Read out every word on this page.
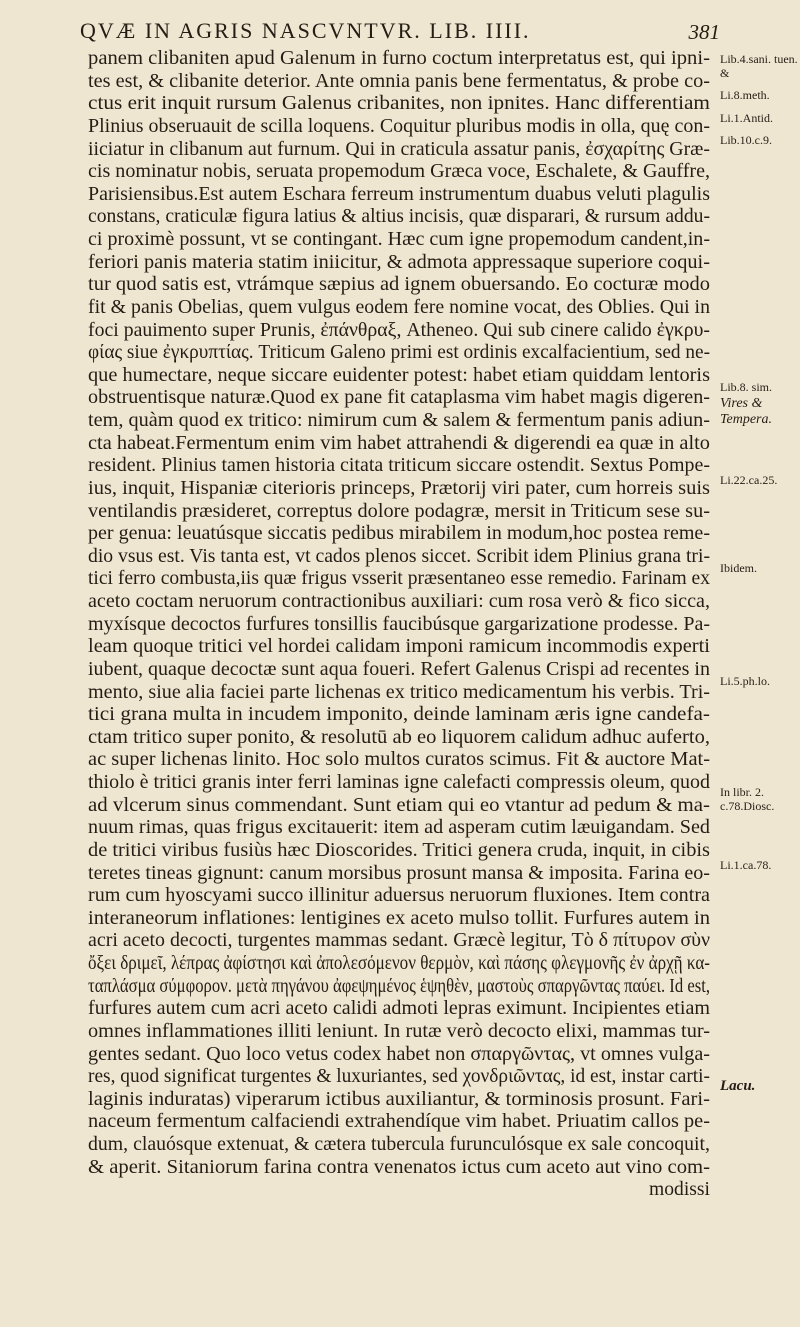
QVÆ IN AGRIS NASCVNTVR. LIB. IIII.	381
panem clibaniten apud Galenum in furno coctum interpretatus est, qui ipni-
tes est, & clibanite deterior. Ante omnia panis bene fermentatus, & probe co-
ctus erit inquit rursum Galenus cribanites, non ipnites. Hanc differentiam
Plinius obseruauit de scilla loquens. Coquitur pluribus modis in olla, quę con-
iiciatur in clibanum aut furnum. Qui in craticula assatur panis, ἐσχαρίτης Græ-
cis nominatur nobis, seruata propemodum Græca voce, Eschalete, & Gauffre,
Parisiensibus.Est autem Eschara ferreum instrumentum duabus veluti plagulis
constans, craticulæ figura latius & altius incisis, quæ disparari, & rursum addu-
ci proximè possunt, vt se contingant. Hæc cum igne propemodum candent,in-
feriori panis materia statim iniicitur, & admota appressaque superiore coqui-
tur quod satis est, vtrámque sæpius ad ignem obuersando. Eo cocturæ modo
fit & panis Obelias, quem vulgus eodem fere nomine vocat, des Oblies. Qui in
foci pauimento super Prunis, ἐπάνθραξ, Atheneo. Qui sub cinere calido ἐγκρυ-
φίας siue ἐγκρυπτίας. Triticum Galeno primi est ordinis excalfacientium, sed ne-
que humectare, neque siccare euidenter potest: habet etiam quiddam lentoris
obstruentisque naturæ.Quod ex pane fit cataplasma vim habet magis digeren-
tem, quàm quod ex tritico: nimirum cum & salem & fermentum panis adiun-
cta habeat.Fermentum enim vim habet attrahendi & digerendi ea quæ in alto
resident. Plinius tamen historia citata triticum siccare ostendit. Sextus Pompe-
ius, inquit, Hispaniæ citerioris princeps, Prætorij viri pater, cum horreis suis
ventilandis præsideret, correptus dolore podagræ, mersit in Triticum sese su-
per genua: leuatúsque siccatis pedibus mirabilem in modum,hoc postea reme-
dio vsus est. Vis tanta est, vt cados plenos siccet. Scribit idem Plinius grana tri-
tici ferro combusta,iis quæ frigus vsserit præsentaneo esse remedio. Farinam ex
aceto coctam neruorum contractionibus auxiliari: cum rosa verò & fico sicca,
myxísque decoctos furfures tonsillis faucibúsque gargarizatione prodesse. Pa-
leam quoque tritici vel hordei calidam imponi ramicum incommodis experti
iubent, quaque decoctæ sunt aqua foueri. Refert Galenus Crispi ad recentes in
mento, siue alia faciei parte lichenas ex tritico medicamentum his verbis. Tri-
tici grana multa in incudem imponito, deinde laminam æris igne candefa-
ctam tritico super ponito, & resolutū ab eo liquorem calidum adhuc auferto,
ac super lichenas linito. Hoc solo multos curatos scimus. Fit & auctore Mat-
thiolo è tritici granis inter ferri laminas igne calefacti compressis oleum, quod
ad vlcerum sinus commendant. Sunt etiam qui eo vtantur ad pedum & ma-
nuum rimas, quas frigus excitauerit: item ad asperam cutim læuigandam. Sed
de tritici viribus fusiùs hæc Dioscorides. Tritici genera cruda, inquit, in cibis
teretes tineas gignunt: canum morsibus prosunt mansa & imposita. Farina eo-
rum cum hyoscyami succo illinitur aduersus neruorum fluxiones. Item contra
interaneorum inflationes: lentigines ex aceto mulso tollit. Furfures autem in
acri aceto decocti, turgentes mammas sedant. Græcè legitur, Τὸ δ πίτυρον σὺν
ὄξει δριμεῖ, λέπρας ἀφίστησι καὶ ἀπολεσόμενον θερμὸν, καὶ πάσης φλεγμονῆς ἐν ἀρχῇ κα-
ταπλάσμα σύμφορον. μετὰ πηγάνου ἀφεψημένος ἑψηθὲν, μαστοὺς σπαργῶντας παύει. Id est,
furfures autem cum acri aceto calidi admoti lepras eximunt. Incipientes etiam
omnes inflammationes illiti leniunt. In rutæ verò decocto elixi, mammas tur-
gentes sedant. Quo loco vetus codex habet non σπαργῶντας, vt omnes vulga-
res, quod significat turgentes & luxuriantes, sed χονδριῶντας, id est, instar carti-
laginis induratas) viperarum ictibus auxiliantur, & torminosis prosunt. Fari-
naceum fermentum calfaciendi extrahendíque vim habet. Priuatim callos pe-
dum, clauósque extenuat, & cætera tubercula furunculósque ex sale concoquit,
& aperit. Sitaniorum farina contra venenatos ictus cum aceto aut vino com-
modissi
Lib.4.sani. tuen. &
Li.8.meth.
Li.1.Antid.
Lib.10.c.9.
Lib.8. sim.
Vires & Tempera.
Li.22.ca.25.
Ibidem.
Li.5.ph.lo.
In libr. 2. c.78.Diosc.
Li.1.ca.78.
Lacu.
